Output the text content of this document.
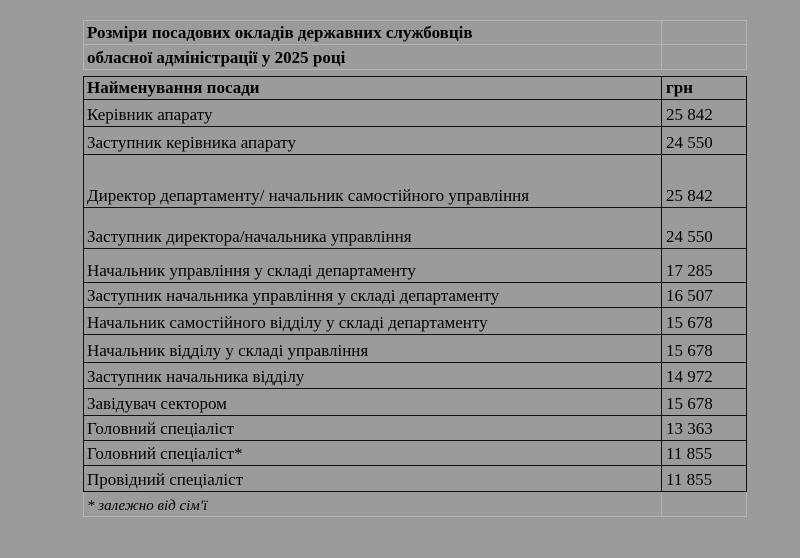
Розміри посадових окладів державних службовців
обласної адміністрації у 2025 році
Найменування посади	грн
Керівник апарату	25 842
Заступник керівника апарату	24 550
Директор департаменту/ начальник самостійного управління	25 842
Заступник директора/начальника управління	24 550
Начальник управління у складі департаменту	17 285
Заступник начальника управління у складі департаменту	16 507
Начальник самостійного відділу у складі департаменту	15 678
Начальник відділу у складі управління	15 678
Заступник начальника відділу	14 972
Завідувач сектором	15 678
Головний спеціаліст	13 363
Головний спеціаліст*	11 855
Провідний спеціаліст	11 855
* залежно від сім'ї
